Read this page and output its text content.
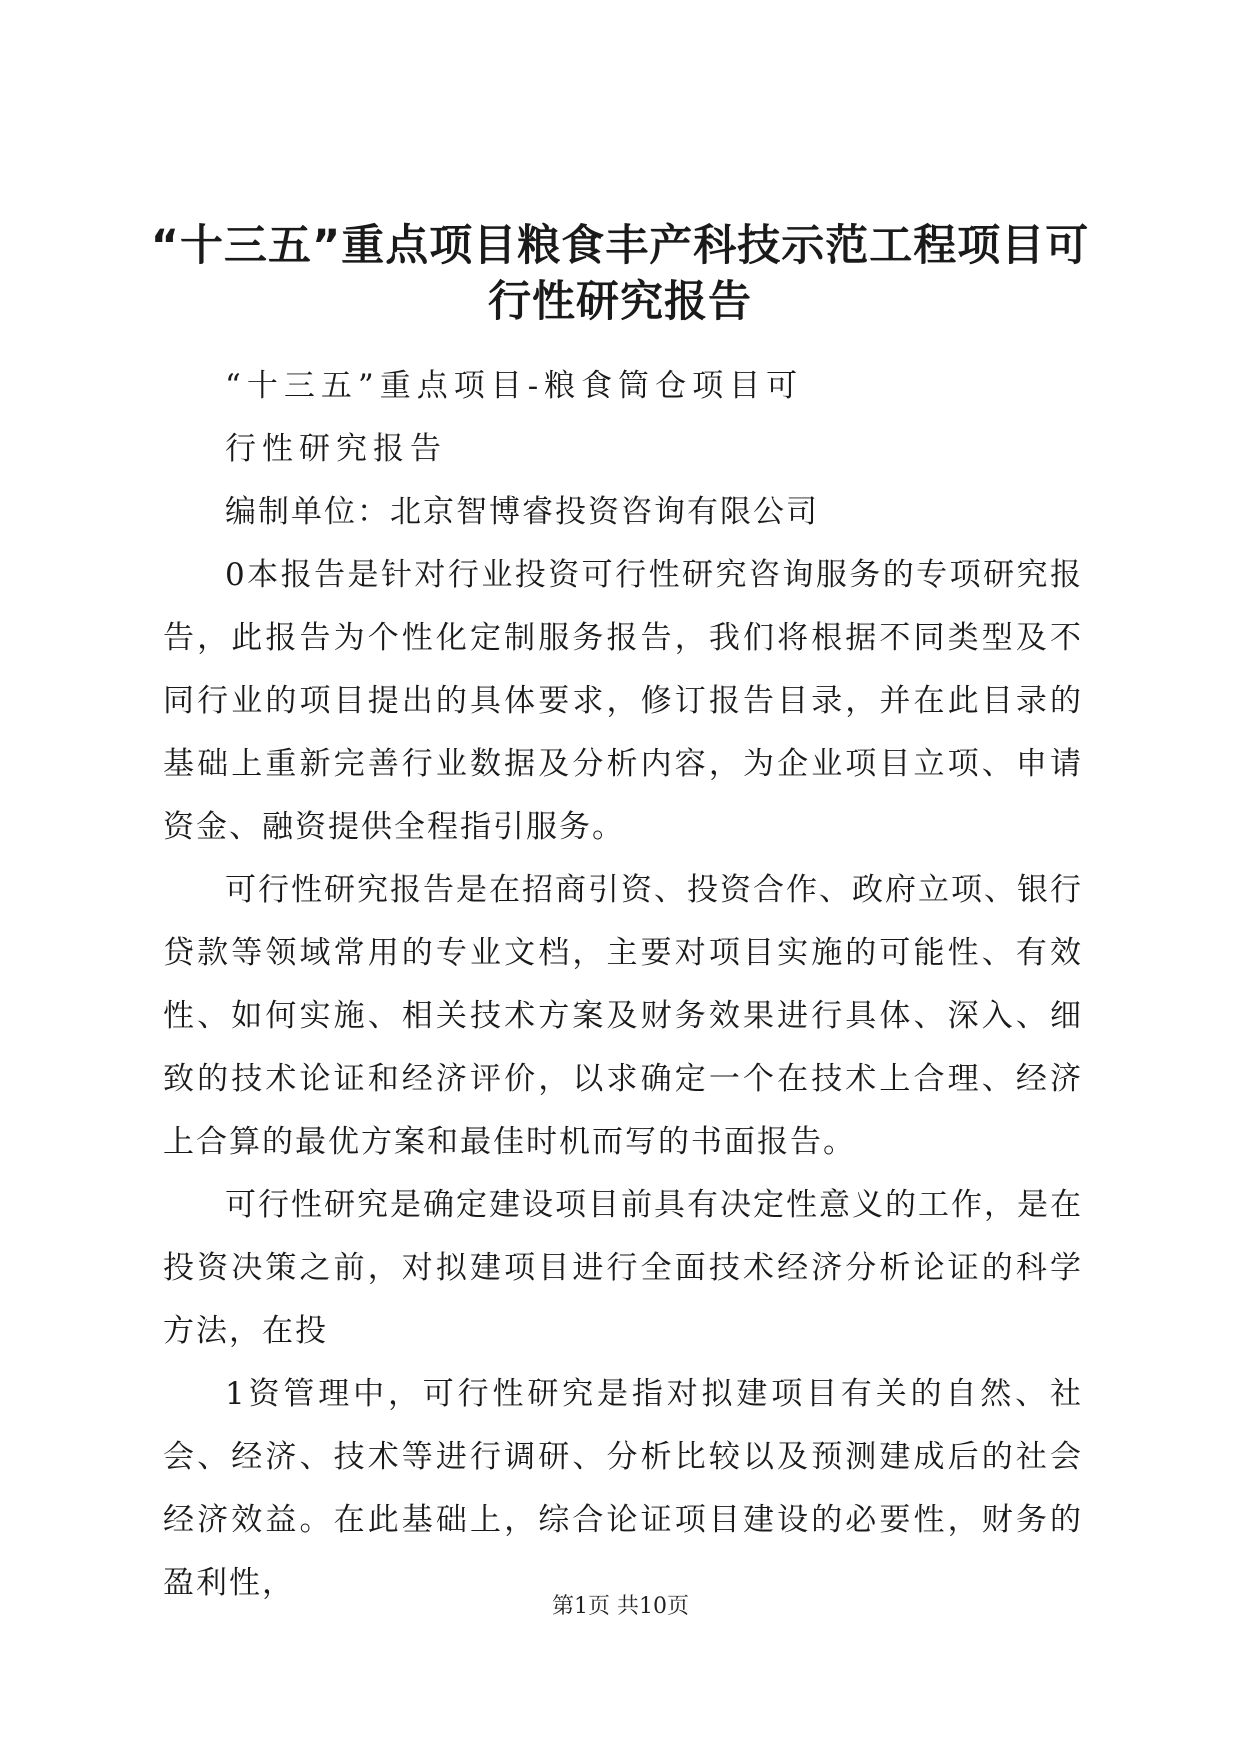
“十三五”重点项目粮食丰产科技示范工程项目可行性研究报告

“十三五”重点项目-粮食筒仓项目可

行性研究报告

编制单位：北京智博睿投资咨询有限公司

0本报告是针对行业投资可行性研究咨询服务的专项研究报告，此报告为个性化定制服务报告，我们将根据不同类型及不同行业的项目提出的具体要求，修订报告目录，并在此目录的基础上重新完善行业数据及分析内容，为企业项目立项、申请资金、融资提供全程指引服务。

可行性研究报告是在招商引资、投资合作、政府立项、银行贷款等领域常用的专业文档，主要对项目实施的可能性、有效性、如何实施、相关技术方案及财务效果进行具体、深入、细致的技术论证和经济评价，以求确定一个在技术上合理、经济上合算的最优方案和最佳时机而写的书面报告。

可行性研究是确定建设项目前具有决定性意义的工作，是在投资决策之前，对拟建项目进行全面技术经济分析论证的科学方法，在投

1资管理中，可行性研究是指对拟建项目有关的自然、社会、经济、技术等进行调研、分析比较以及预测建成后的社会经济效益。在此基础上，综合论证项目建设的必要性，财务的盈利性，

第1页 共10页
